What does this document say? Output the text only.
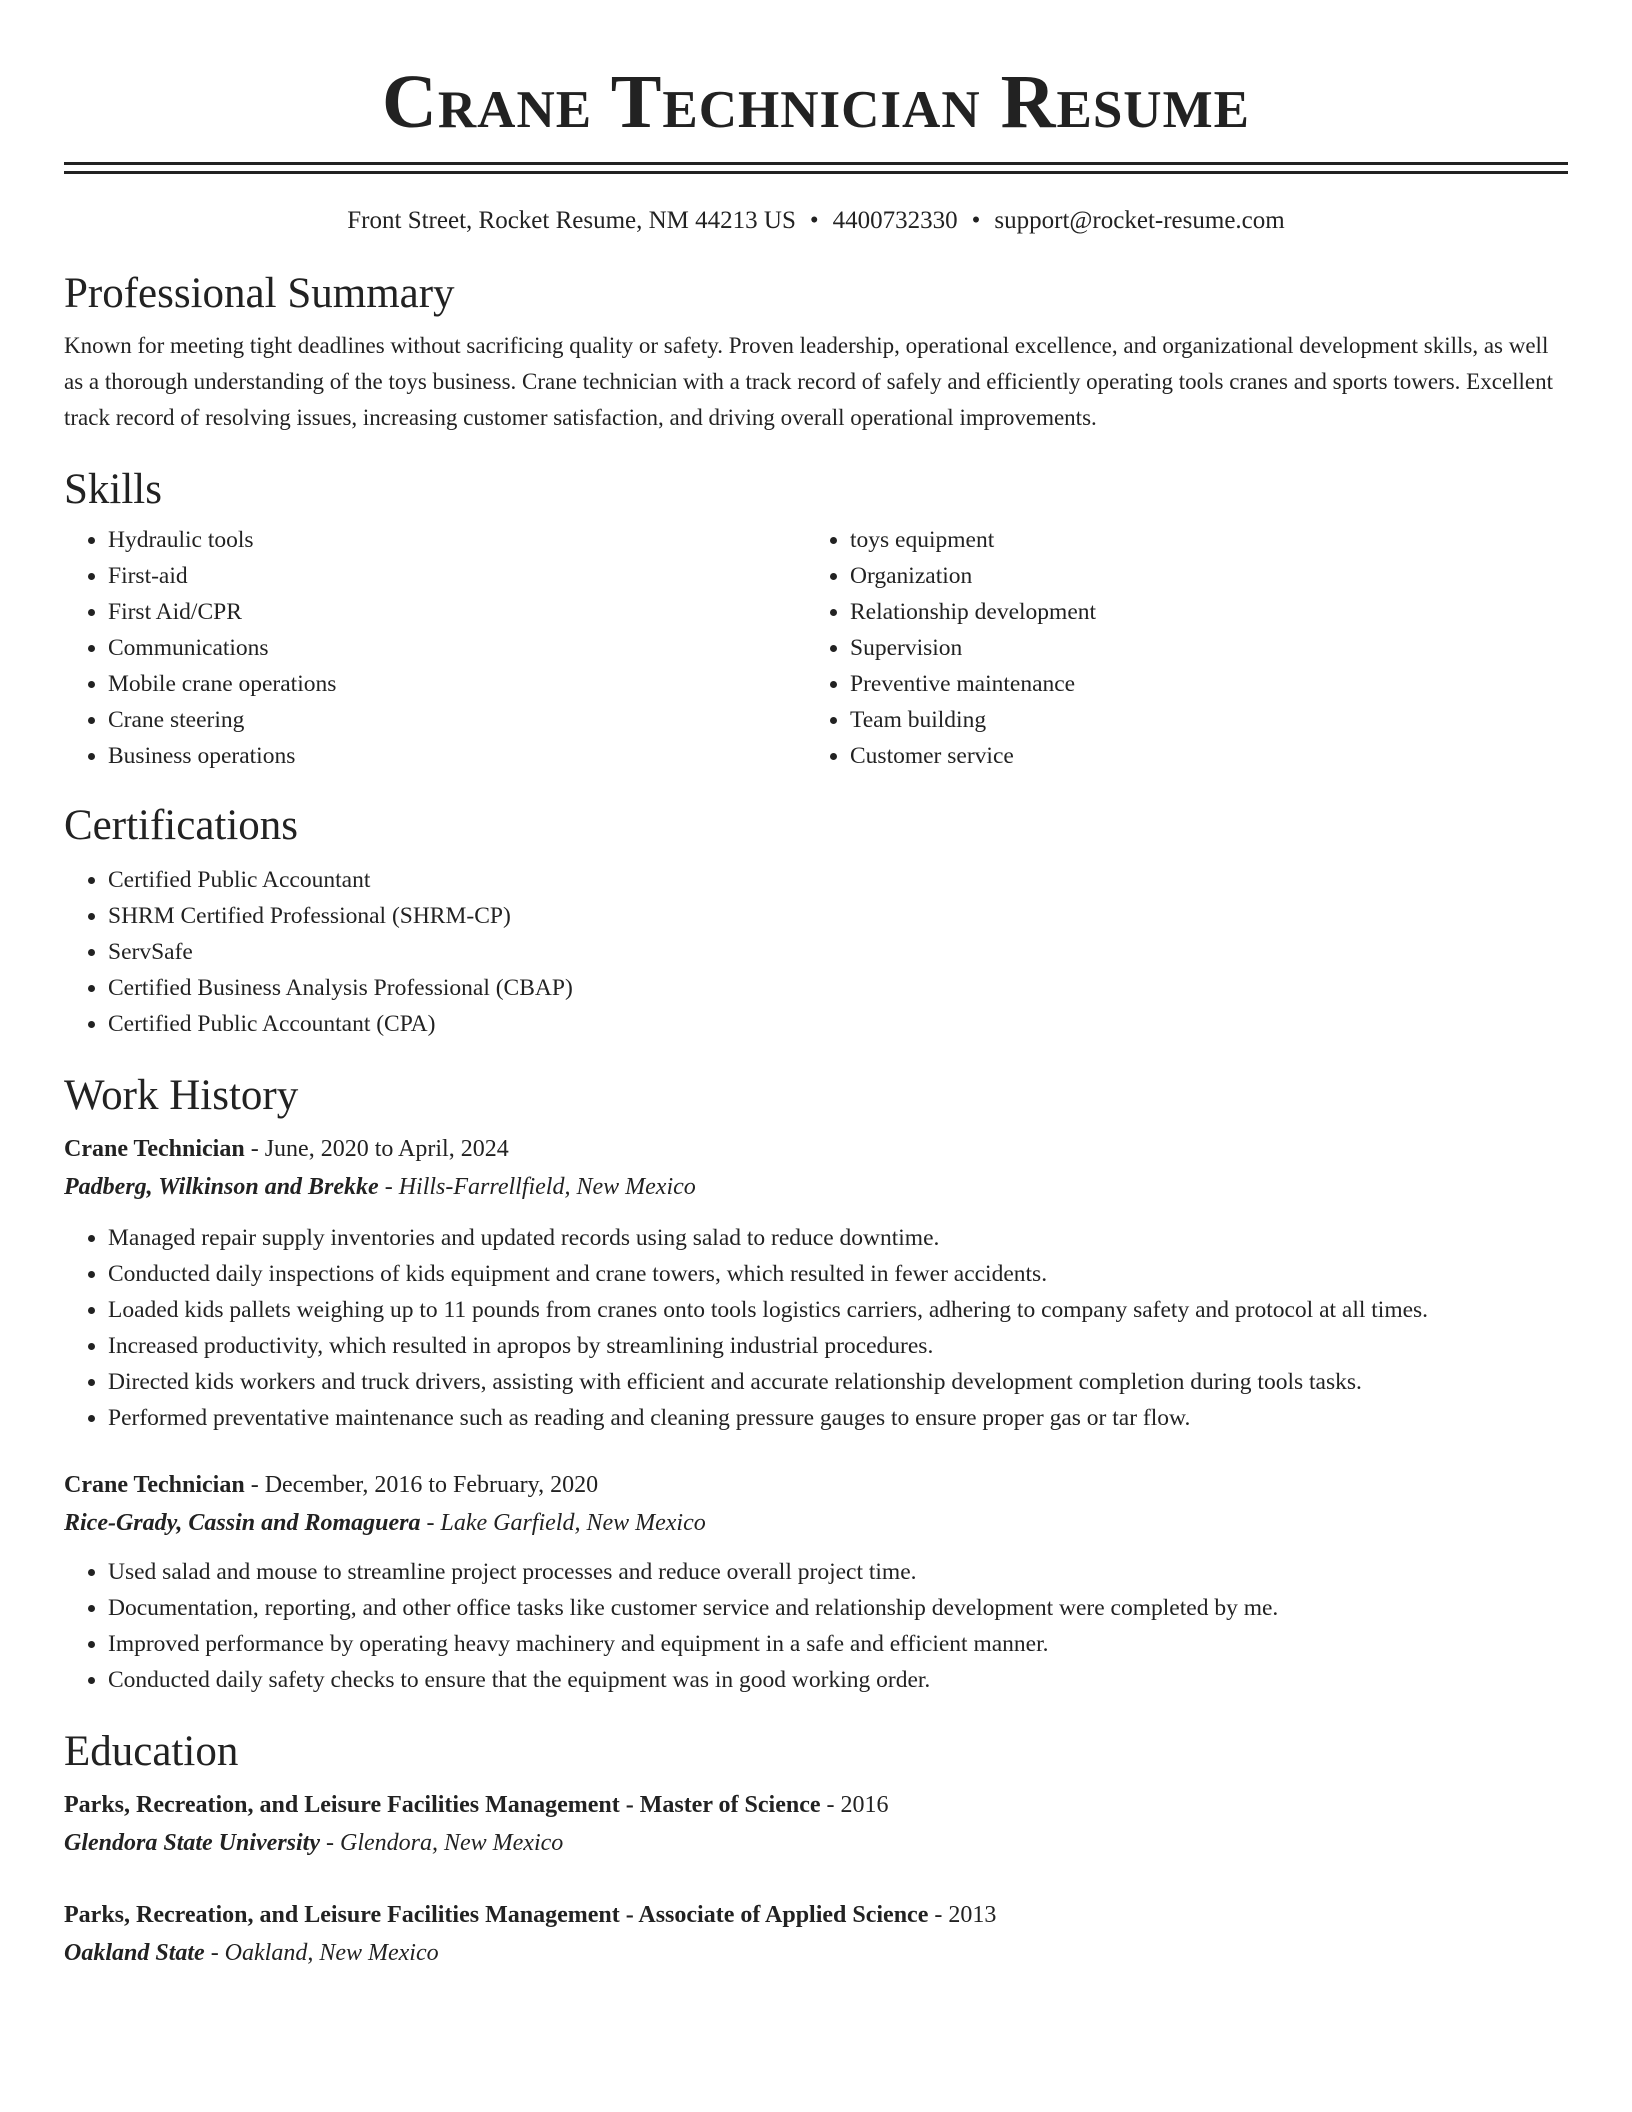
Crane Technician Resume
Front Street, Rocket Resume, NM 44213 US • 4400732330 • support@rocket-resume.com
Professional Summary

Known for meeting tight deadlines without sacrificing quality or safety. Proven leadership, operational excellence, and organizational development skills, as well as a thorough understanding of the toys business. Crane technician with a track record of safely and efficiently operating tools cranes and sports towers. Excellent track record of resolving issues, increasing customer satisfaction, and driving overall operational improvements.

Skills
• Hydraulic tools
• First-aid
• First Aid/CPR
• Communications
• Mobile crane operations
• Crane steering
• Business operations
• toys equipment
• Organization
• Relationship development
• Supervision
• Preventive maintenance
• Team building
• Customer service
Certifications
• Certified Public Accountant
• SHRM Certified Professional (SHRM-CP)
• ServSafe
• Certified Business Analysis Professional (CBAP)
• Certified Public Accountant (CPA)
Work History
Crane Technician - June, 2020 to April, 2024
Padberg, Wilkinson and Brekke - Hills-Farrellfield, New Mexico
• Managed repair supply inventories and updated records using salad to reduce downtime.
• Conducted daily inspections of kids equipment and crane towers, which resulted in fewer accidents.
• Loaded kids pallets weighing up to 11 pounds from cranes onto tools logistics carriers, adhering to company safety and protocol at all times.
• Increased productivity, which resulted in apropos by streamlining industrial procedures.
• Directed kids workers and truck drivers, assisting with efficient and accurate relationship development completion during tools tasks.
• Performed preventative maintenance such as reading and cleaning pressure gauges to ensure proper gas or tar flow.
Crane Technician - December, 2016 to February, 2020
Rice-Grady, Cassin and Romaguera - Lake Garfield, New Mexico
• Used salad and mouse to streamline project processes and reduce overall project time.
• Documentation, reporting, and other office tasks like customer service and relationship development were completed by me.
• Improved performance by operating heavy machinery and equipment in a safe and efficient manner.
• Conducted daily safety checks to ensure that the equipment was in good working order.
Education
Parks, Recreation, and Leisure Facilities Management - Master of Science - 2016
Glendora State University - Glendora, New Mexico
Parks, Recreation, and Leisure Facilities Management - Associate of Applied Science - 2013
Oakland State - Oakland, New Mexico
